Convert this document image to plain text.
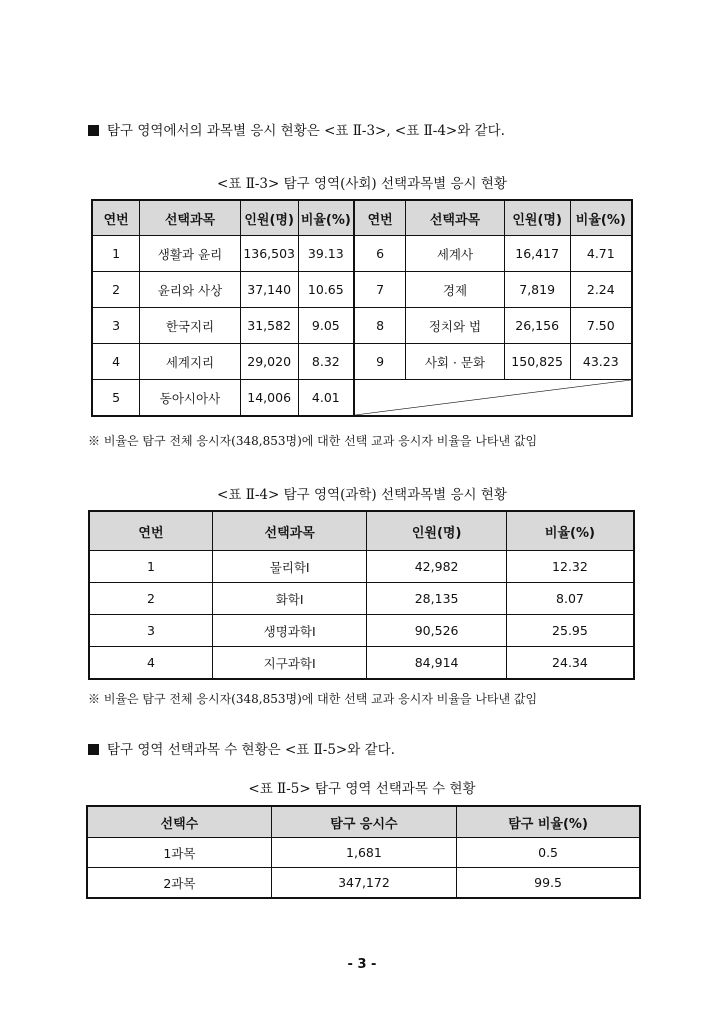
탐구 영역에서의 과목별 응시 현황은 <표 Ⅱ-3>, <표 Ⅱ-4>와 같다.
<표 Ⅱ-3> 탐구 영역(사회) 선택과목별 응시 현황
연번	선택과목	인원(명)	비율(%)	연번	선택과목	인원(명)	비율(%)
1	생활과 윤리	136,503	39.13	6	세계사	16,417	4.71
2	윤리와 사상	37,140	10.65	7	경제	7,819	2.24
3	한국지리	31,582	9.05	8	정치와 법	26,156	7.50
4	세계지리	29,020	8.32	9	사회 · 문화	150,825	43.23
5	동아시아사	14,006	4.01	
※ 비율은 탐구 전체 응시자(348,853명)에 대한 선택 교과 응시자 비율을 나타낸 값임
<표 Ⅱ-4> 탐구 영역(과학) 선택과목별 응시 현황
연번	선택과목	인원(명)	비율(%)
1	물리학Ⅰ	42,982	12.32
2	화학Ⅰ	28,135	8.07
3	생명과학Ⅰ	90,526	25.95
4	지구과학Ⅰ	84,914	24.34
※ 비율은 탐구 전체 응시자(348,853명)에 대한 선택 교과 응시자 비율을 나타낸 값임
탐구 영역 선택과목 수 현황은 <표 Ⅱ-5>와 같다.
<표 Ⅱ-5> 탐구 영역 선택과목 수 현황
선택수	탐구 응시수	탐구 비율(%)
1과목	1,681	0.5
2과목	347,172	99.5
- 3 -
